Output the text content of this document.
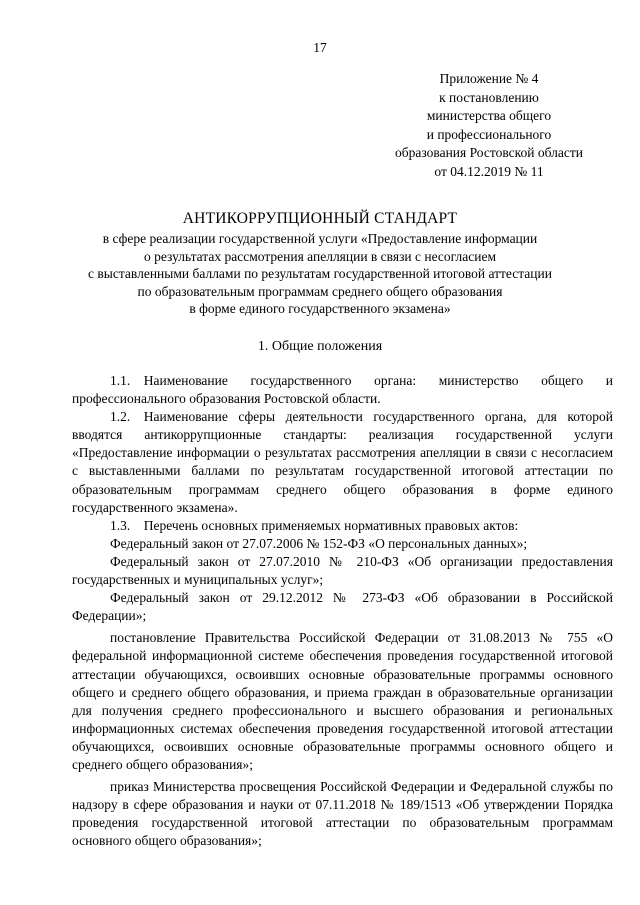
17
Приложение № 4
к постановлению
министерства общего
и профессионального
образования Ростовской области
от 04.12.2019 № 11
АНТИКОРРУПЦИОННЫЙ СТАНДАРТ
в сфере реализации государственной услуги «Предоставление информации
о результатах рассмотрения апелляции в связи с несогласием
с выставленными баллами по результатам государственной итоговой аттестации
по образовательным программам среднего общего образования
в форме единого государственного экзамена»
1. Общие положения

1.1. Наименование государственного органа: министерство общего и профессионального образования Ростовской области.

1.2. Наименование сферы деятельности государственного органа, для которой вводятся антикоррупционные стандарты: реализация государственной услуги «Предоставление информации о результатах рассмотрения апелляции в связи с несогласием с выставленными баллами по результатам государственной итоговой аттестации по образовательным программам среднего общего образования в форме единого государственного экзамена».

1.3. Перечень основных применяемых нормативных правовых актов:

Федеральный закон от 27.07.2006 № 152-ФЗ «О персональных данных»;

Федеральный закон от 27.07.2010 № 210-ФЗ «Об организации предоставления государственных и муниципальных услуг»;

Федеральный закон от 29.12.2012 № 273-ФЗ «Об образовании в Российской Федерации»;

постановление Правительства Российской Федерации от 31.08.2013 № 755 «О федеральной информационной системе обеспечения проведения государственной итоговой аттестации обучающихся, освоивших основные образовательные программы основного общего и среднего общего образования, и приема граждан в образовательные организации для получения среднего профессионального и высшего образования и региональных информационных системах обеспечения проведения государственной итоговой аттестации обучающихся, освоивших основные образовательные программы основного общего и среднего общего образования»;

приказ Министерства просвещения Российской Федерации и Федеральной службы по надзору в сфере образования и науки от 07.11.2018 № 189/1513 «Об утверждении Порядка проведения государственной итоговой аттестации по образовательным программам основного общего образования»;
